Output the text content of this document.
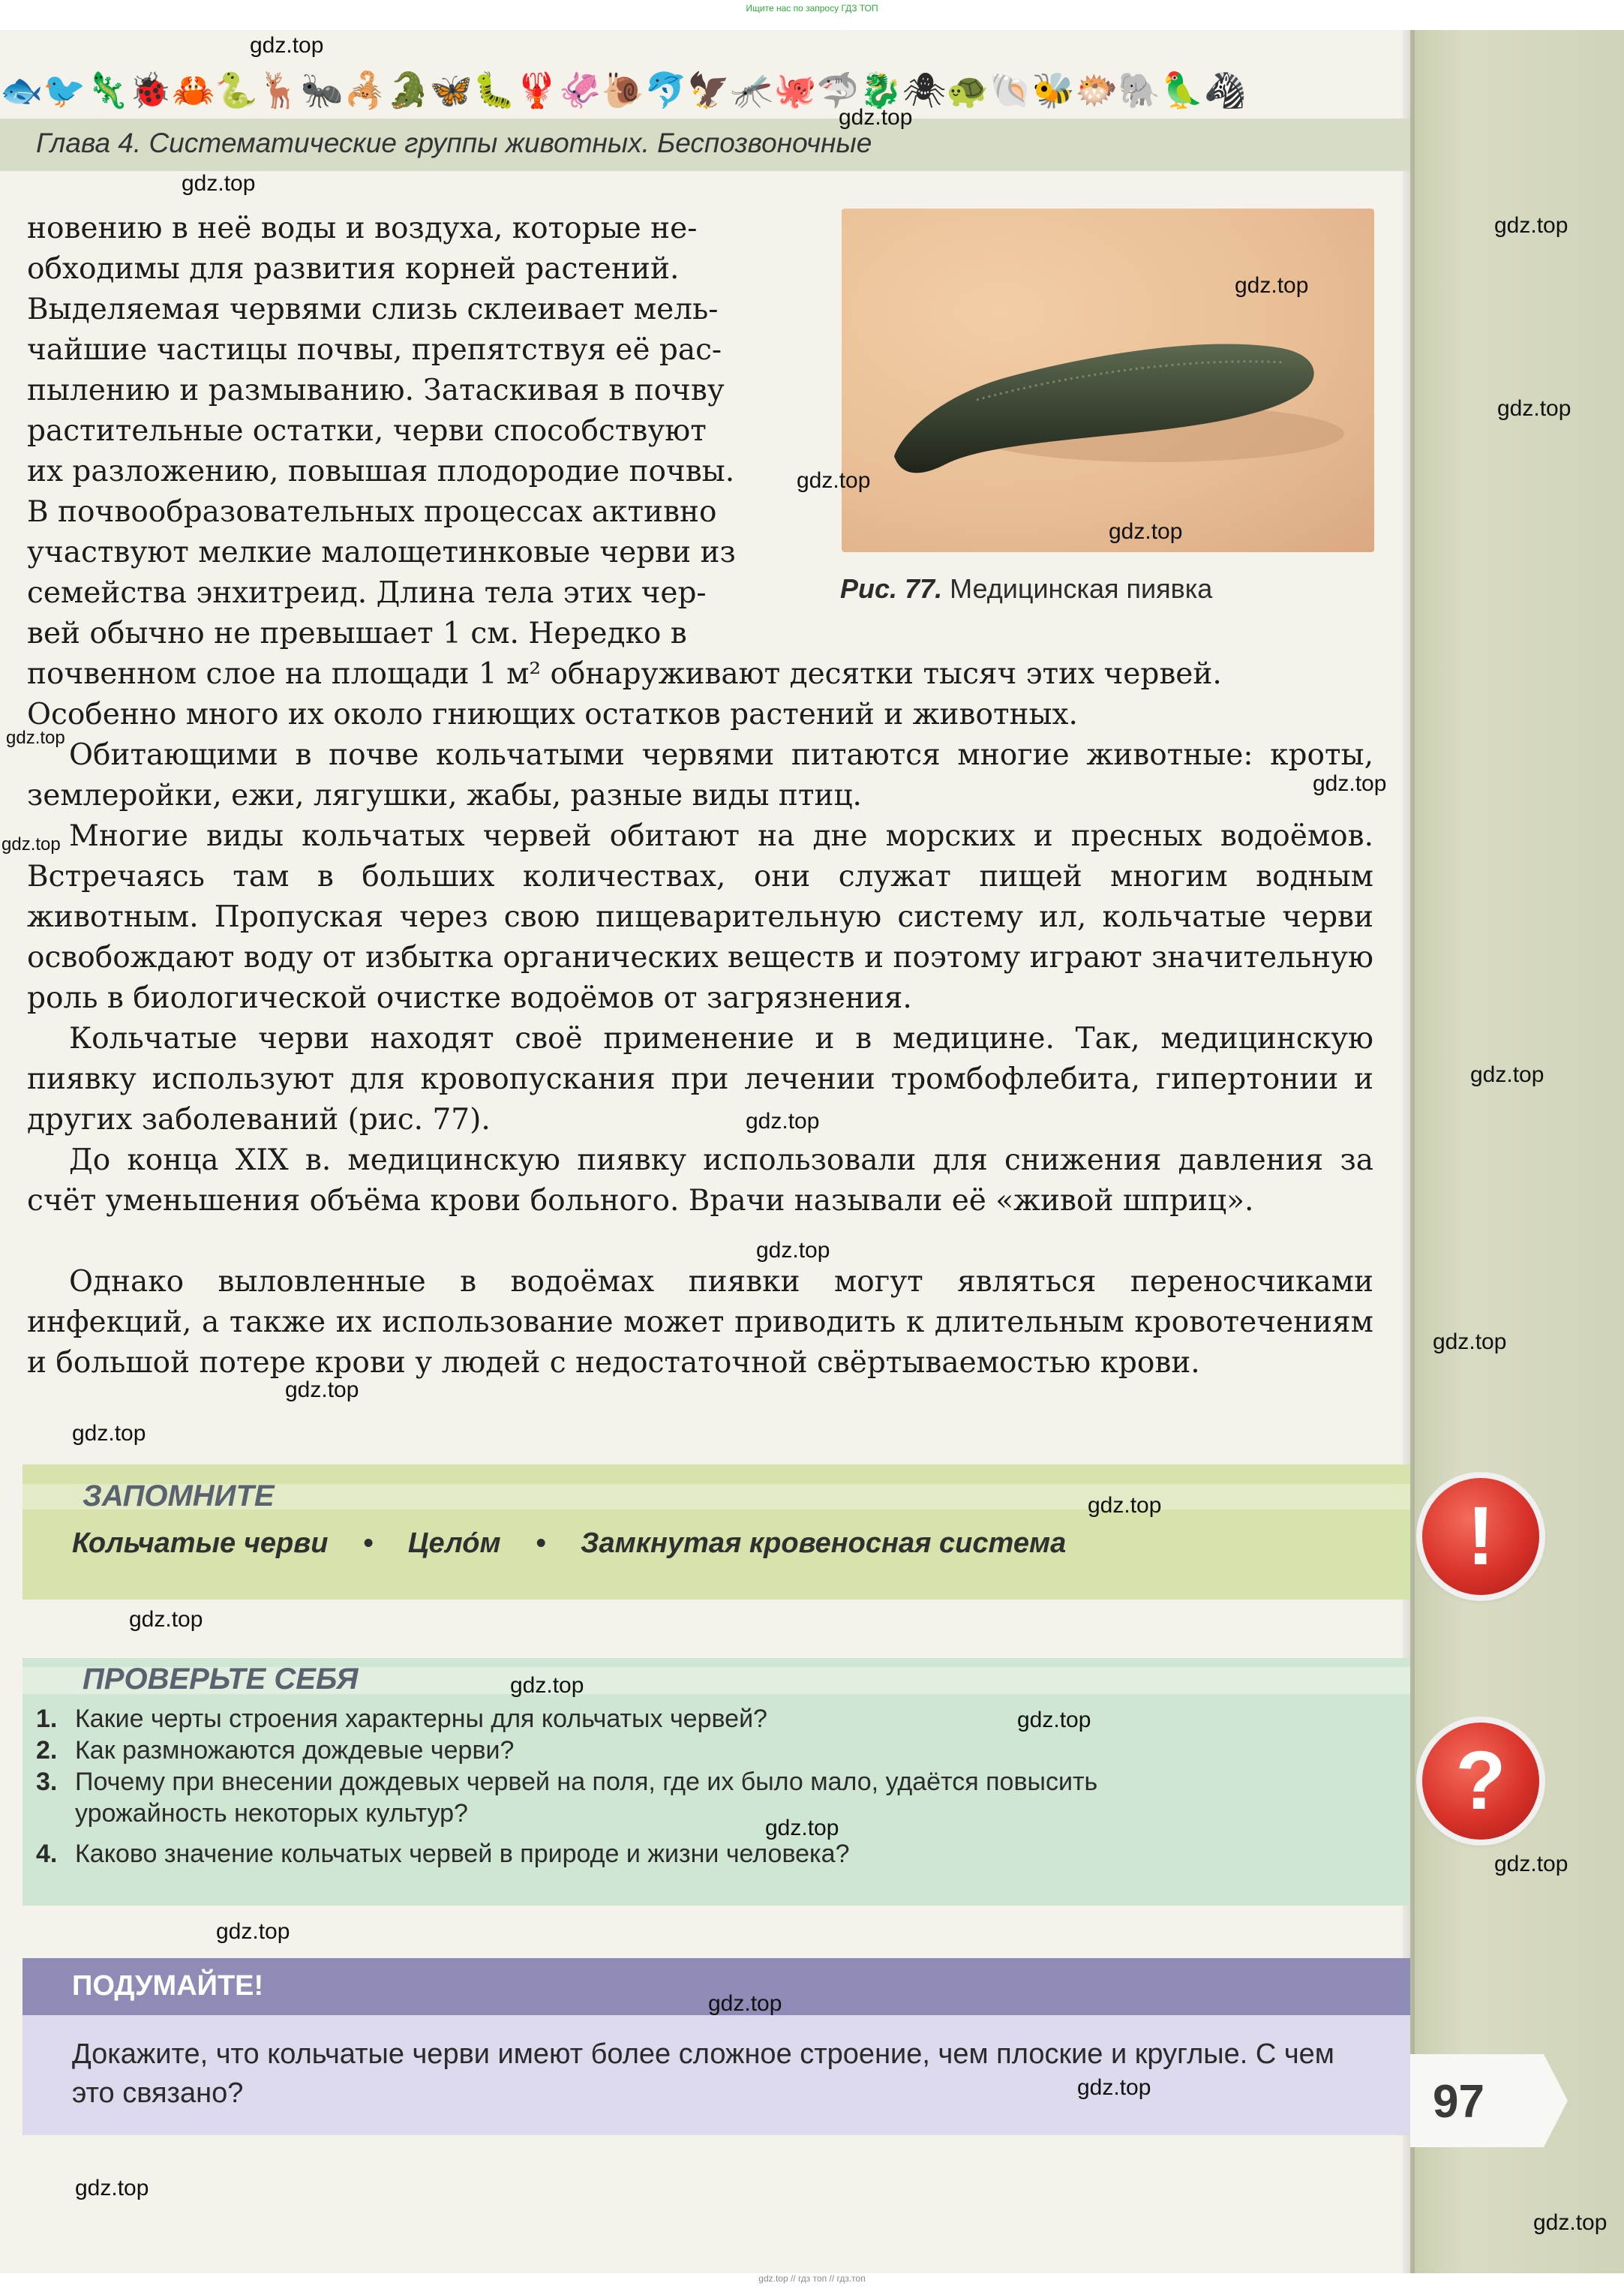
Ищите нас по запросу ГДЗ ТОП
🐟🐦🦎🐞🦀🐍🦌🐜🦂🐊🦋🐛🦞🦑🐌🐬🦅🦟🐙🦈🐉🕷🐢🐚🐝🐡🐘🦜🦓
Глава 4. Систематические группы животных. Беспозвоночные
новению в неё воды и воздуха, которые не-
обходимы для развития корней растений.
Выделяемая червями слизь склеивает мель-
чайшие частицы почвы, препятствуя её рас-
пылению и размыванию. Затаскивая в почву
растительные остатки, черви способствуют
их разложению, повышая плодородие почвы.
В почвообразовательных процессах активно
участвуют мелкие малощетинковые черви из
семейства энхитреид. Длина тела этих чер-
вей обычно не превышает 1 см. Нередко в
почвенном слое на площади 1 м² обнаруживают десятки тысяч этих червей.
Особенно много их около гниющих остатков растений и животных.
Рис. 77. Медицинская пиявка
Обитающими в почве кольчатыми червями питаются многие животные: кроты, землеройки, ежи, лягушки, жабы, разные виды птиц.
Многие виды кольчатых червей обитают на дне морских и пресных водоёмов. Встречаясь там в больших количествах, они служат пищей многим водным животным. Пропуская через свою пищеварительную систему ил, кольчатые черви освобождают воду от избытка органических веществ и поэтому играют значительную роль в биологической очистке водоёмов от загрязнения.
Кольчатые черви находят своё применение и в медицине. Так, медицинскую пиявку используют для кровопускания при лечении тромбофлебита, гипертонии и других заболеваний (рис. 77).
До конца XIX в. медицинскую пиявку использовали для снижения давления за счёт уменьшения объёма крови больного. Врачи называли её «живой шприц».
Однако выловленные в водоёмах пиявки могут являться переносчиками инфекций, а также их использование может приводить к длительным кровотечениям и большой потере крови у людей с недостаточной свёртываемостью крови.
ЗАПОМНИТЕ
Кольчатые черви • Цело́м • Замкнутая кровеносная система	!
ПРОВЕРЬТЕ СЕБЯ
1. Какие черты строения характерны для кольчатых червей?
2. Как размножаются дождевые черви?
3. Почему при внесении дождевых червей на поля, где их было мало, удаётся повысить
урожайность некоторых культур?
4. Каково значение кольчатых червей в природе и жизни человека?
?
ПОДУМАЙТЕ!
Докажите, что кольчатые черви имеют более сложное строение, чем плоские и круглые. С чем это связано?	97
gdz.top
gdz.top
gdz.top
gdz.top
gdz.top
gdz.top
gdz.top
gdz.top
gdz.top
gdz.top
gdz.top
gdz.top
gdz.top
gdz.top
gdz.top
gdz.top
gdz.top
gdz.top
gdz.top
gdz.top
gdz.top
gdz.top
gdz.top
gdz.top
gdz.top
gdz.top
gdz.top
gdz.top
gdz.top // гдз топ // гдз.топ
